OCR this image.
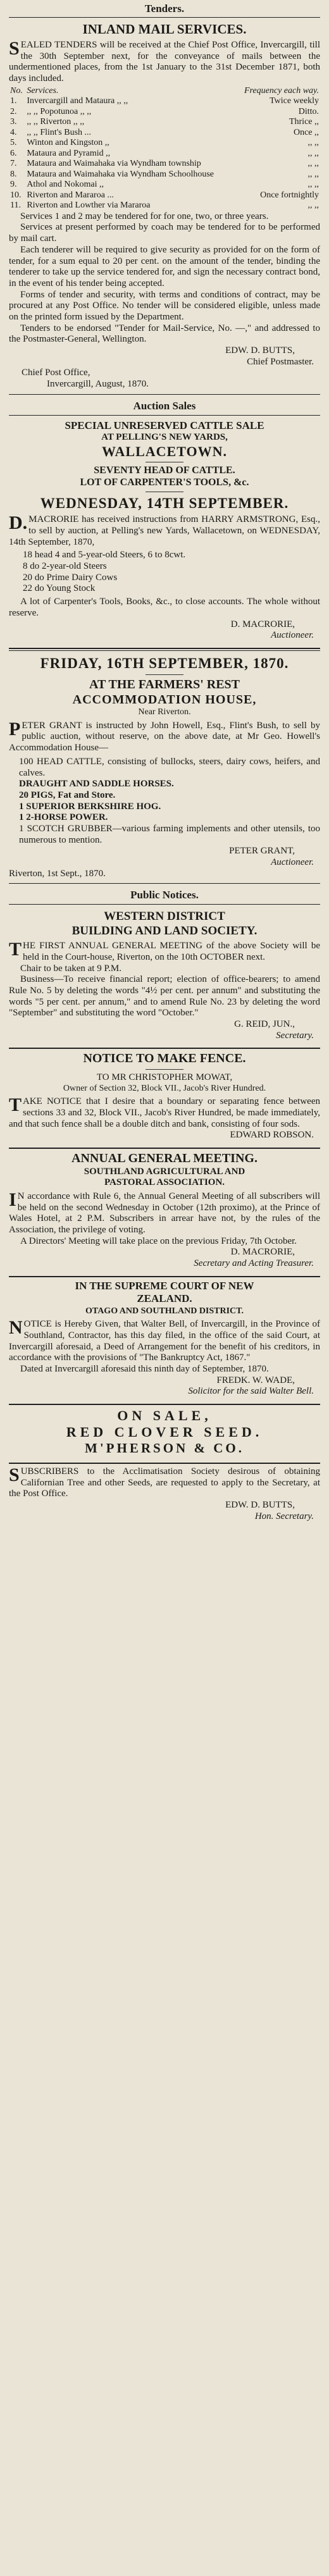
Tenders.
INLAND MAIL SERVICES.

SEALED TENDERS will be received at the Chief Post Office, Invercargill, till the 30th September next, for the conveyance of mails between the undermentioned places, from the 1st January to the 31st December 1871, both days included.

No.	Services.	Frequency each way.
1.	Invercargill and Mataura ,, ,,	Twice weekly
2.	,, ,, Popotunoa ,, ,,	Ditto.
3.	,, ,, Riverton ,, ,,	Thrice ,,
4.	,, ,, Flint's Bush ...	Once ,,
5.	Winton and Kingston ,,	,, ,,
6.	Mataura and Pyramid ,,	,, ,,
7.	Mataura and Waimahaka via Wyndham township	,, ,,
8.	Mataura and Waimahaka via Wyndham Schoolhouse	,, ,,
9.	Athol and Nokomai ,,	,, ,,
10.	Riverton and Mararoa ...	Once fortnightly
11.	Riverton and Lowther via Mararoa	,, ,,

Services 1 and 2 may be tendered for for one, two, or three years.

Services at present performed by coach may be tendered for to be performed by mail cart.

Each tenderer will be required to give security as provided for on the form of tender, for a sum equal to 20 per cent. on the amount of the tender, binding the tenderer to take up the service tendered for, and sign the necessary contract bond, in the event of his tender being accepted.

Forms of tender and security, with terms and conditions of contract, may be procured at any Post Office. No tender will be considered eligible, unless made on the printed form issued by the Department.

Tenders to be endorsed "Tender for Mail-Service, No. —," and addressed to the Postmaster-General, Wellington.

EDW. D. BUTTS,
Chief Postmaster.
Chief Post Office,
Invercargill, August, 1870.
Auction Sales
SPECIAL UNRESERVED CATTLE SALE
AT PELLING'S NEW YARDS,
WALLACETOWN.
SEVENTY HEAD OF CATTLE.
LOT OF CARPENTER'S TOOLS, &c.
WEDNESDAY, 14TH SEPTEMBER.

D.MACRORIE has received instructions from HARRY ARMSTRONG, Esq., to sell by auction, at Pelling's new Yards, Wallacetown, on WEDNESDAY, 14th September, 1870,

18 head 4 and 5-year-old Steers, 6 to 8cwt.
8 do 2-year-old Steers
20 do Prime Dairy Cows
22 do Young Stock

A lot of Carpenter's Tools, Books, &c., to close accounts. The whole without reserve.

D. MACRORIE,
Auctioneer.
FRIDAY, 16TH SEPTEMBER, 1870.
AT THE FARMERS' REST
ACCOMMODATION HOUSE,
Near Riverton.

PETER GRANT is instructed by John Howell, Esq., Flint's Bush, to sell by public auction, without reserve, on the above date, at Mr Geo. Howell's Accommodation House—

100 HEAD CATTLE, consisting of bullocks, steers, dairy cows, heifers, and calves.

DRAUGHT AND SADDLE HORSES.

20 PIGS, Fat and Store.

1 SUPERIOR BERKSHIRE HOG.

1 2-HORSE POWER.

1 SCOTCH GRUBBER—various farming implements and other utensils, too numerous to mention.

PETER GRANT,
Auctioneer.
Riverton, 1st Sept., 1870.
Public Notices.
WESTERN DISTRICT
BUILDING AND LAND SOCIETY.

THE FIRST ANNUAL GENERAL MEETING of the above Society will be held in the Court-house, Riverton, on the 10th OCTOBER next.

Chair to be taken at 9 P.M.

Business—To receive financial report; election of office-bearers; to amend Rule No. 5 by deleting the words "4½ per cent. per annum" and substituting the words "5 per cent. per annum," and to amend Rule No. 23 by deleting the word "September" and substituting the word "October."

G. REID, JUN.,
Secretary.
NOTICE TO MAKE FENCE.
TO MR CHRISTOPHER MOWAT,
Owner of Section 32, Block VII., Jacob's River Hundred.

TAKE NOTICE that I desire that a boundary or separating fence between sections 33 and 32, Block VII., Jacob's River Hundred, be made immediately, and that such fence shall be a double ditch and bank, consisting of four sods.

EDWARD ROBSON.
ANNUAL GENERAL MEETING.
SOUTHLAND AGRICULTURAL AND
PASTORAL ASSOCIATION.

IN accordance with Rule 6, the Annual General Meeting of all subscribers will be held on the second Wednesday in October (12th proximo), at the Prince of Wales Hotel, at 2 P.M. Subscribers in arrear have not, by the rules of the Association, the privilege of voting.

A Directors' Meeting will take place on the previous Friday, 7th October.

D. MACRORIE,
Secretary and Acting Treasurer.
IN THE SUPREME COURT OF NEW
ZEALAND.
OTAGO AND SOUTHLAND DISTRICT.

NOTICE is Hereby Given, that Walter Bell, of Invercargill, in the Province of Southland, Contractor, has this day filed, in the office of the said Court, at Invercargill aforesaid, a Deed of Arrangement for the benefit of his creditors, in accordance with the provisions of "The Bankruptcy Act, 1867."

Dated at Invercargill aforesaid this ninth day of September, 1870.

FREDK. W. WADE,
Solicitor for the said Walter Bell.
ON SALE,
RED CLOVER SEED.
M'PHERSON & CO.

SUBSCRIBERS to the Acclimatisation Society desirous of obtaining Californian Tree and other Seeds, are requested to apply to the Secretary, at the Post Office.

EDW. D. BUTTS,
Hon. Secretary.
